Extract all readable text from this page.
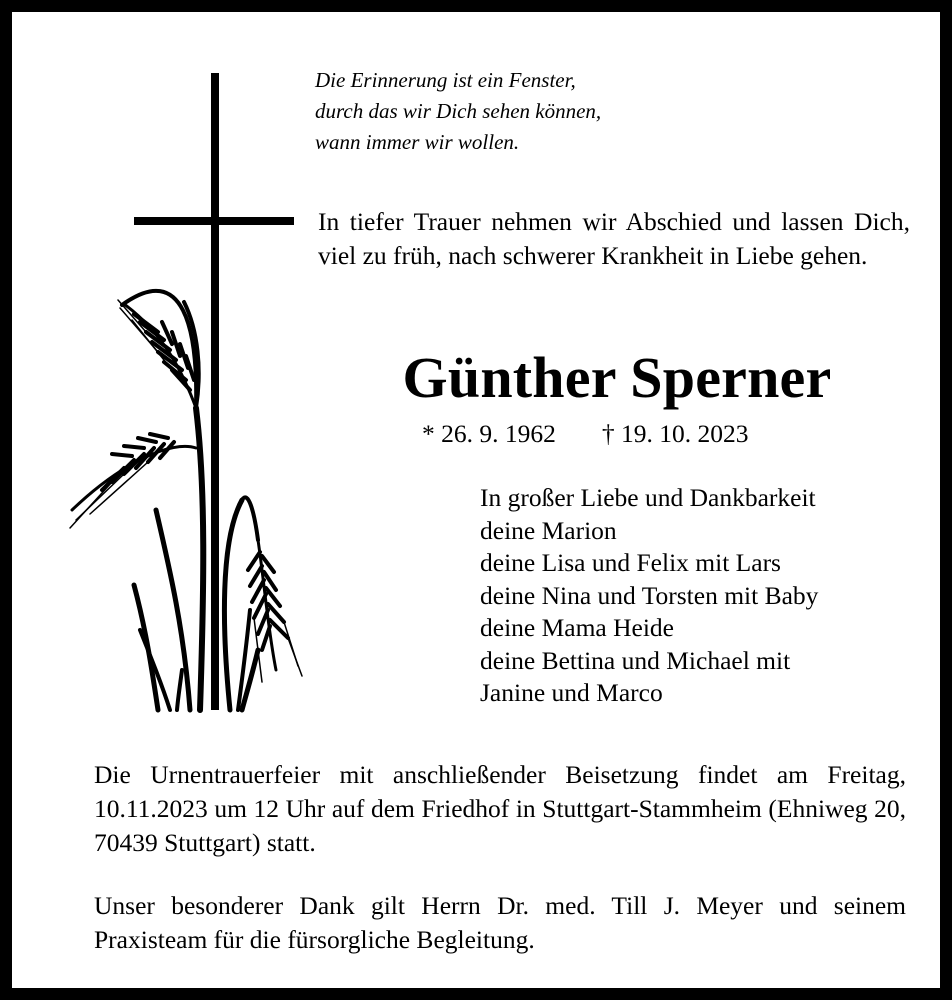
Die Erinnerung ist ein Fenster,
durch das wir Dich sehen können,
wann immer wir wollen.
In tiefer Trauer nehmen wir Abschied und lassen Dich, viel zu früh, nach schwerer Krankheit in Liebe gehen.
Günther Sperner
* 26. 9. 1962 † 19. 10. 2023
In großer Liebe und Dankbarkeit
deine Marion
deine Lisa und Felix mit Lars
deine Nina und Torsten mit Baby
deine Mama Heide
deine Bettina und Michael mit
Janine und Marco
Die Urnentrauerfeier mit anschließender Beisetzung findet am Freitag, 10.11.2023 um 12 Uhr auf dem Friedhof in Stuttgart-Stammheim (Ehniweg 20, 70439 Stuttgart) statt.
Unser besonderer Dank gilt Herrn Dr. med. Till J. Meyer und seinem Praxisteam für die fürsorgliche Begleitung.
